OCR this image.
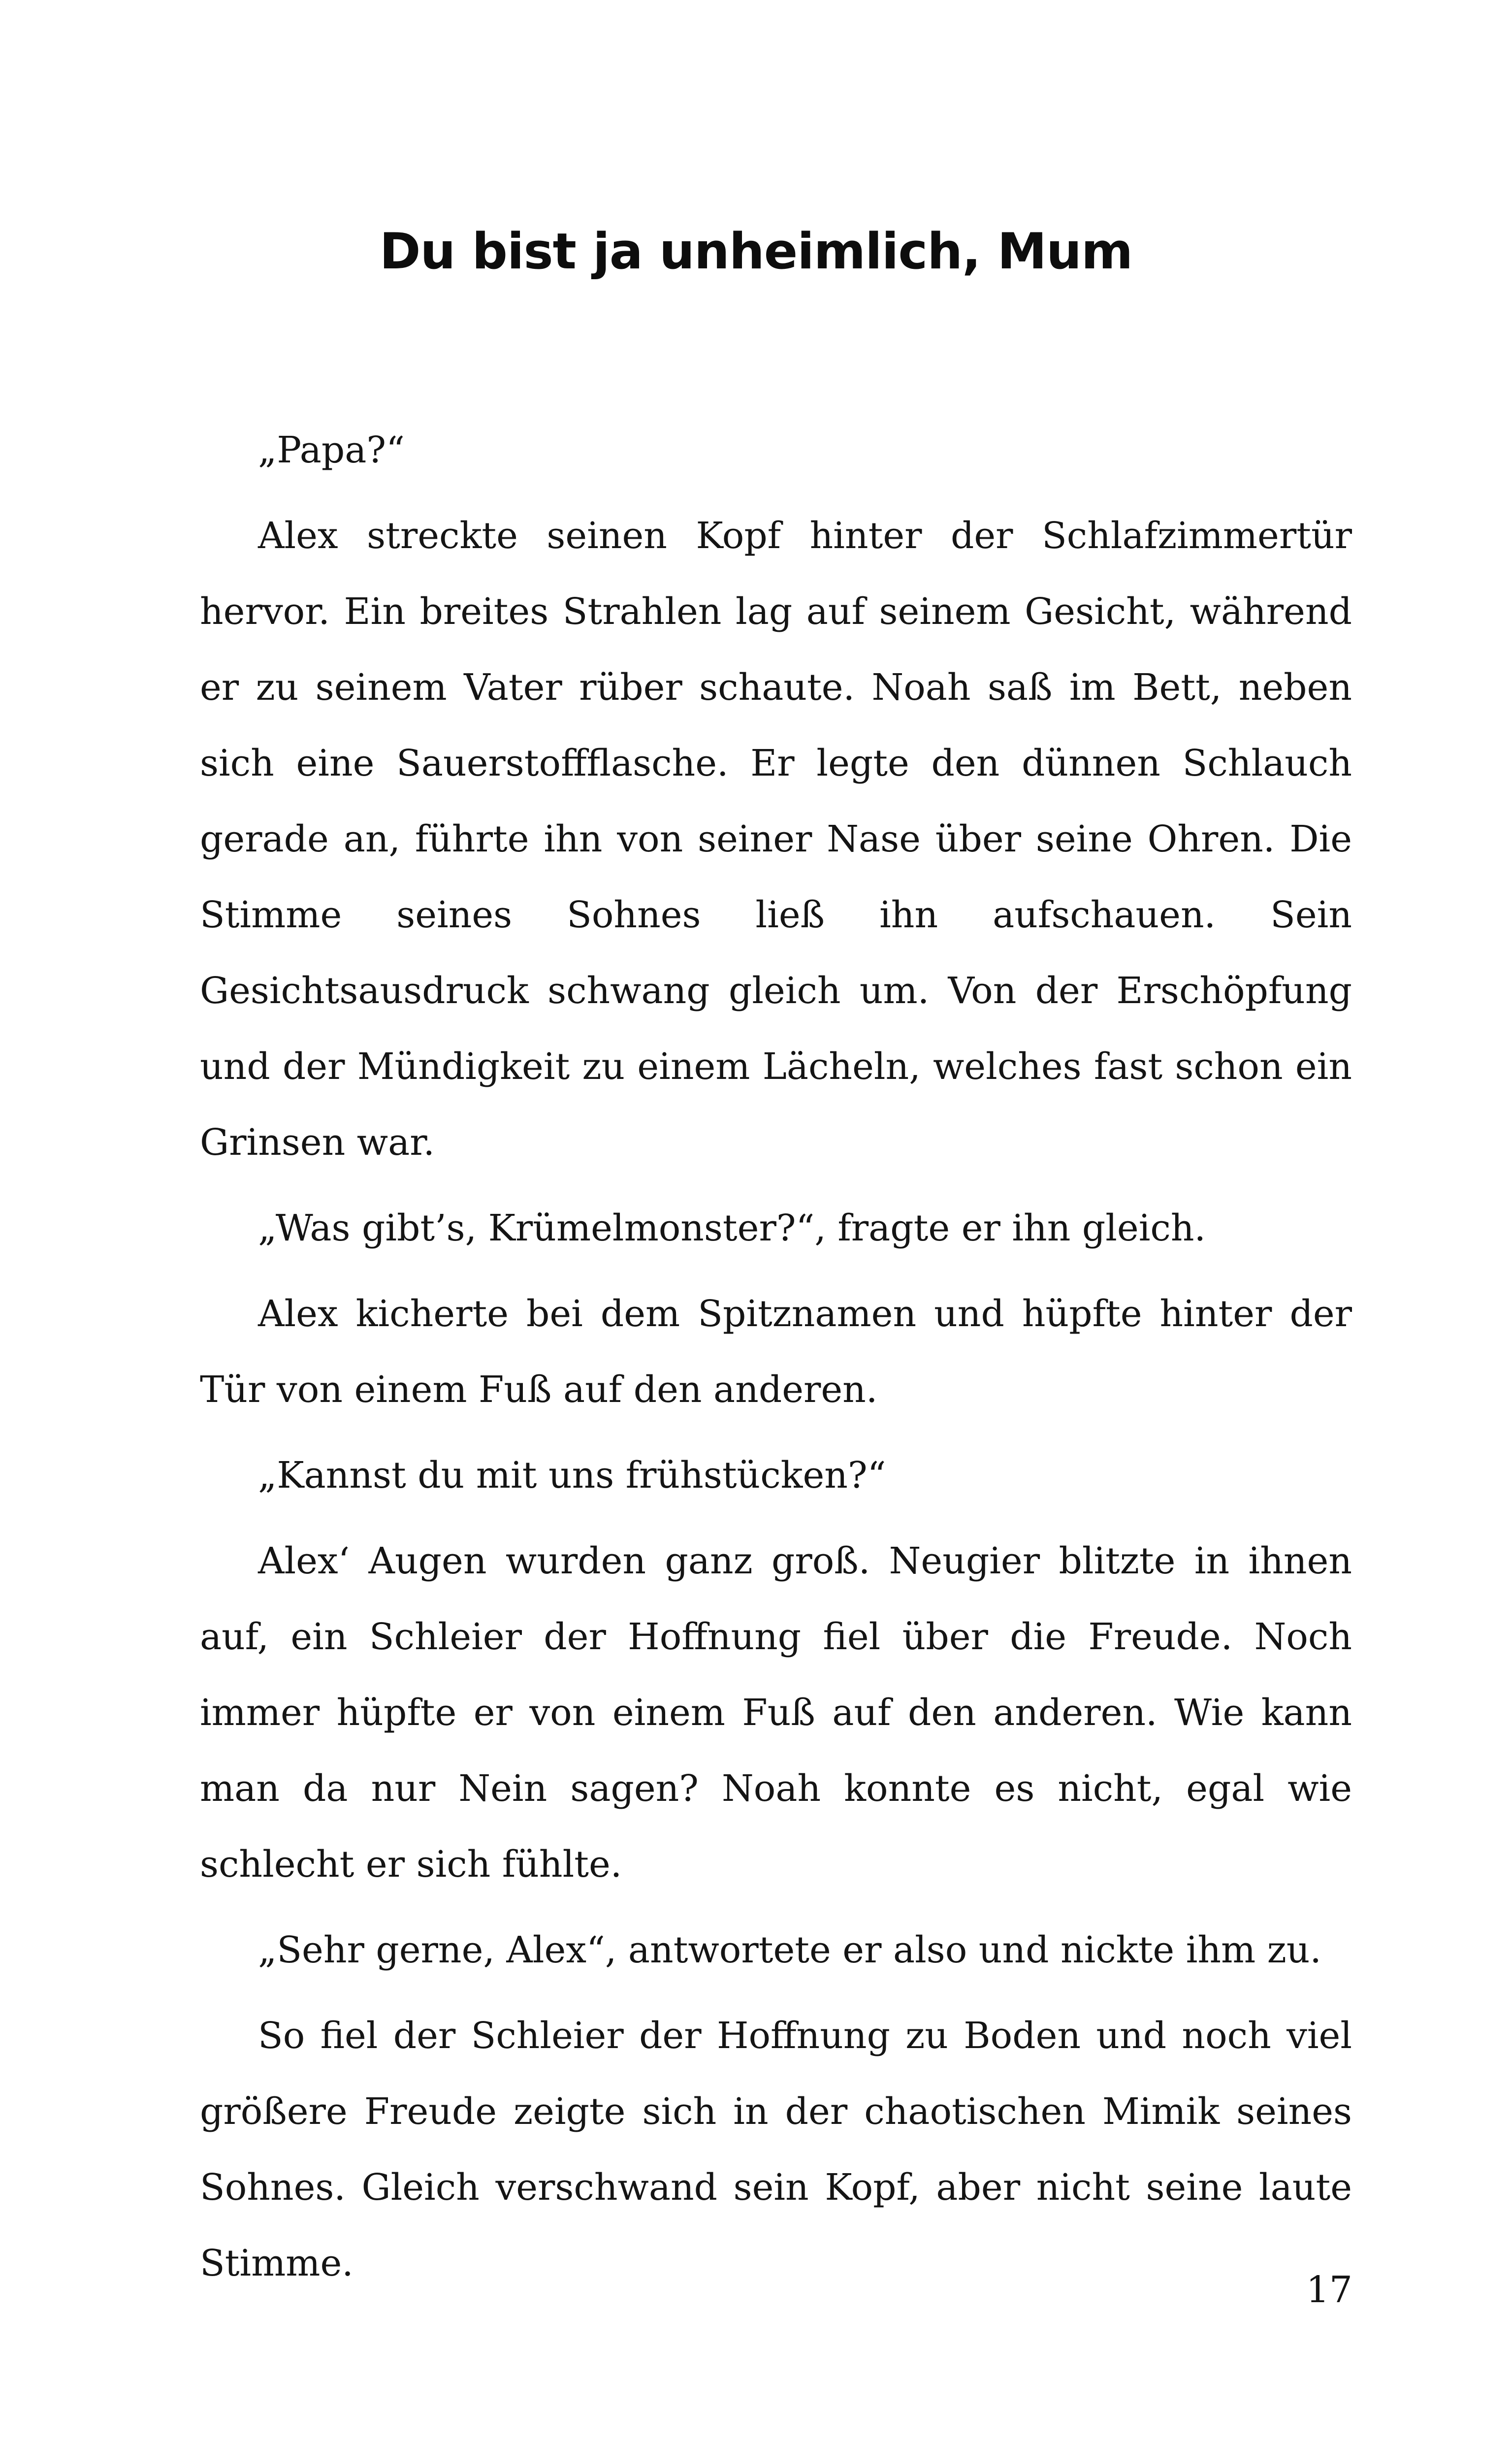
Du bist ja unheimlich, Mum

„Papa?“

Alex streckte seinen Kopf hinter der Schlafzimmertür hervor. Ein breites Strahlen lag auf seinem Gesicht, während er zu seinem Vater rüber schaute. Noah saß im Bett, neben sich eine Sauerstoffflasche. Er legte den dünnen Schlauch gerade an, führte ihn von seiner Nase über seine Ohren. Die Stimme seines Sohnes ließ ihn aufschauen. Sein Gesichtsausdruck schwang gleich um. Von der Erschöpfung und der Mündigkeit zu einem Lächeln, welches fast schon ein Grinsen war.

„Was gibt’s, Krümelmonster?“, fragte er ihn gleich.

Alex kicherte bei dem Spitznamen und hüpfte hinter der Tür von einem Fuß auf den anderen.

„Kannst du mit uns frühstücken?“

Alex‘ Augen wurden ganz groß. Neugier blitzte in ihnen auf, ein Schleier der Hoffnung fiel über die Freude. Noch immer hüpfte er von einem Fuß auf den anderen. Wie kann man da nur Nein sagen? Noah konnte es nicht, egal wie schlecht er sich fühlte.

„Sehr gerne, Alex“, antwortete er also und nickte ihm zu.

So fiel der Schleier der Hoffnung zu Boden und noch viel größere Freude zeigte sich in der chaotischen Mimik seines Sohnes. Gleich verschwand sein Kopf, aber nicht seine laute Stimme.

17
